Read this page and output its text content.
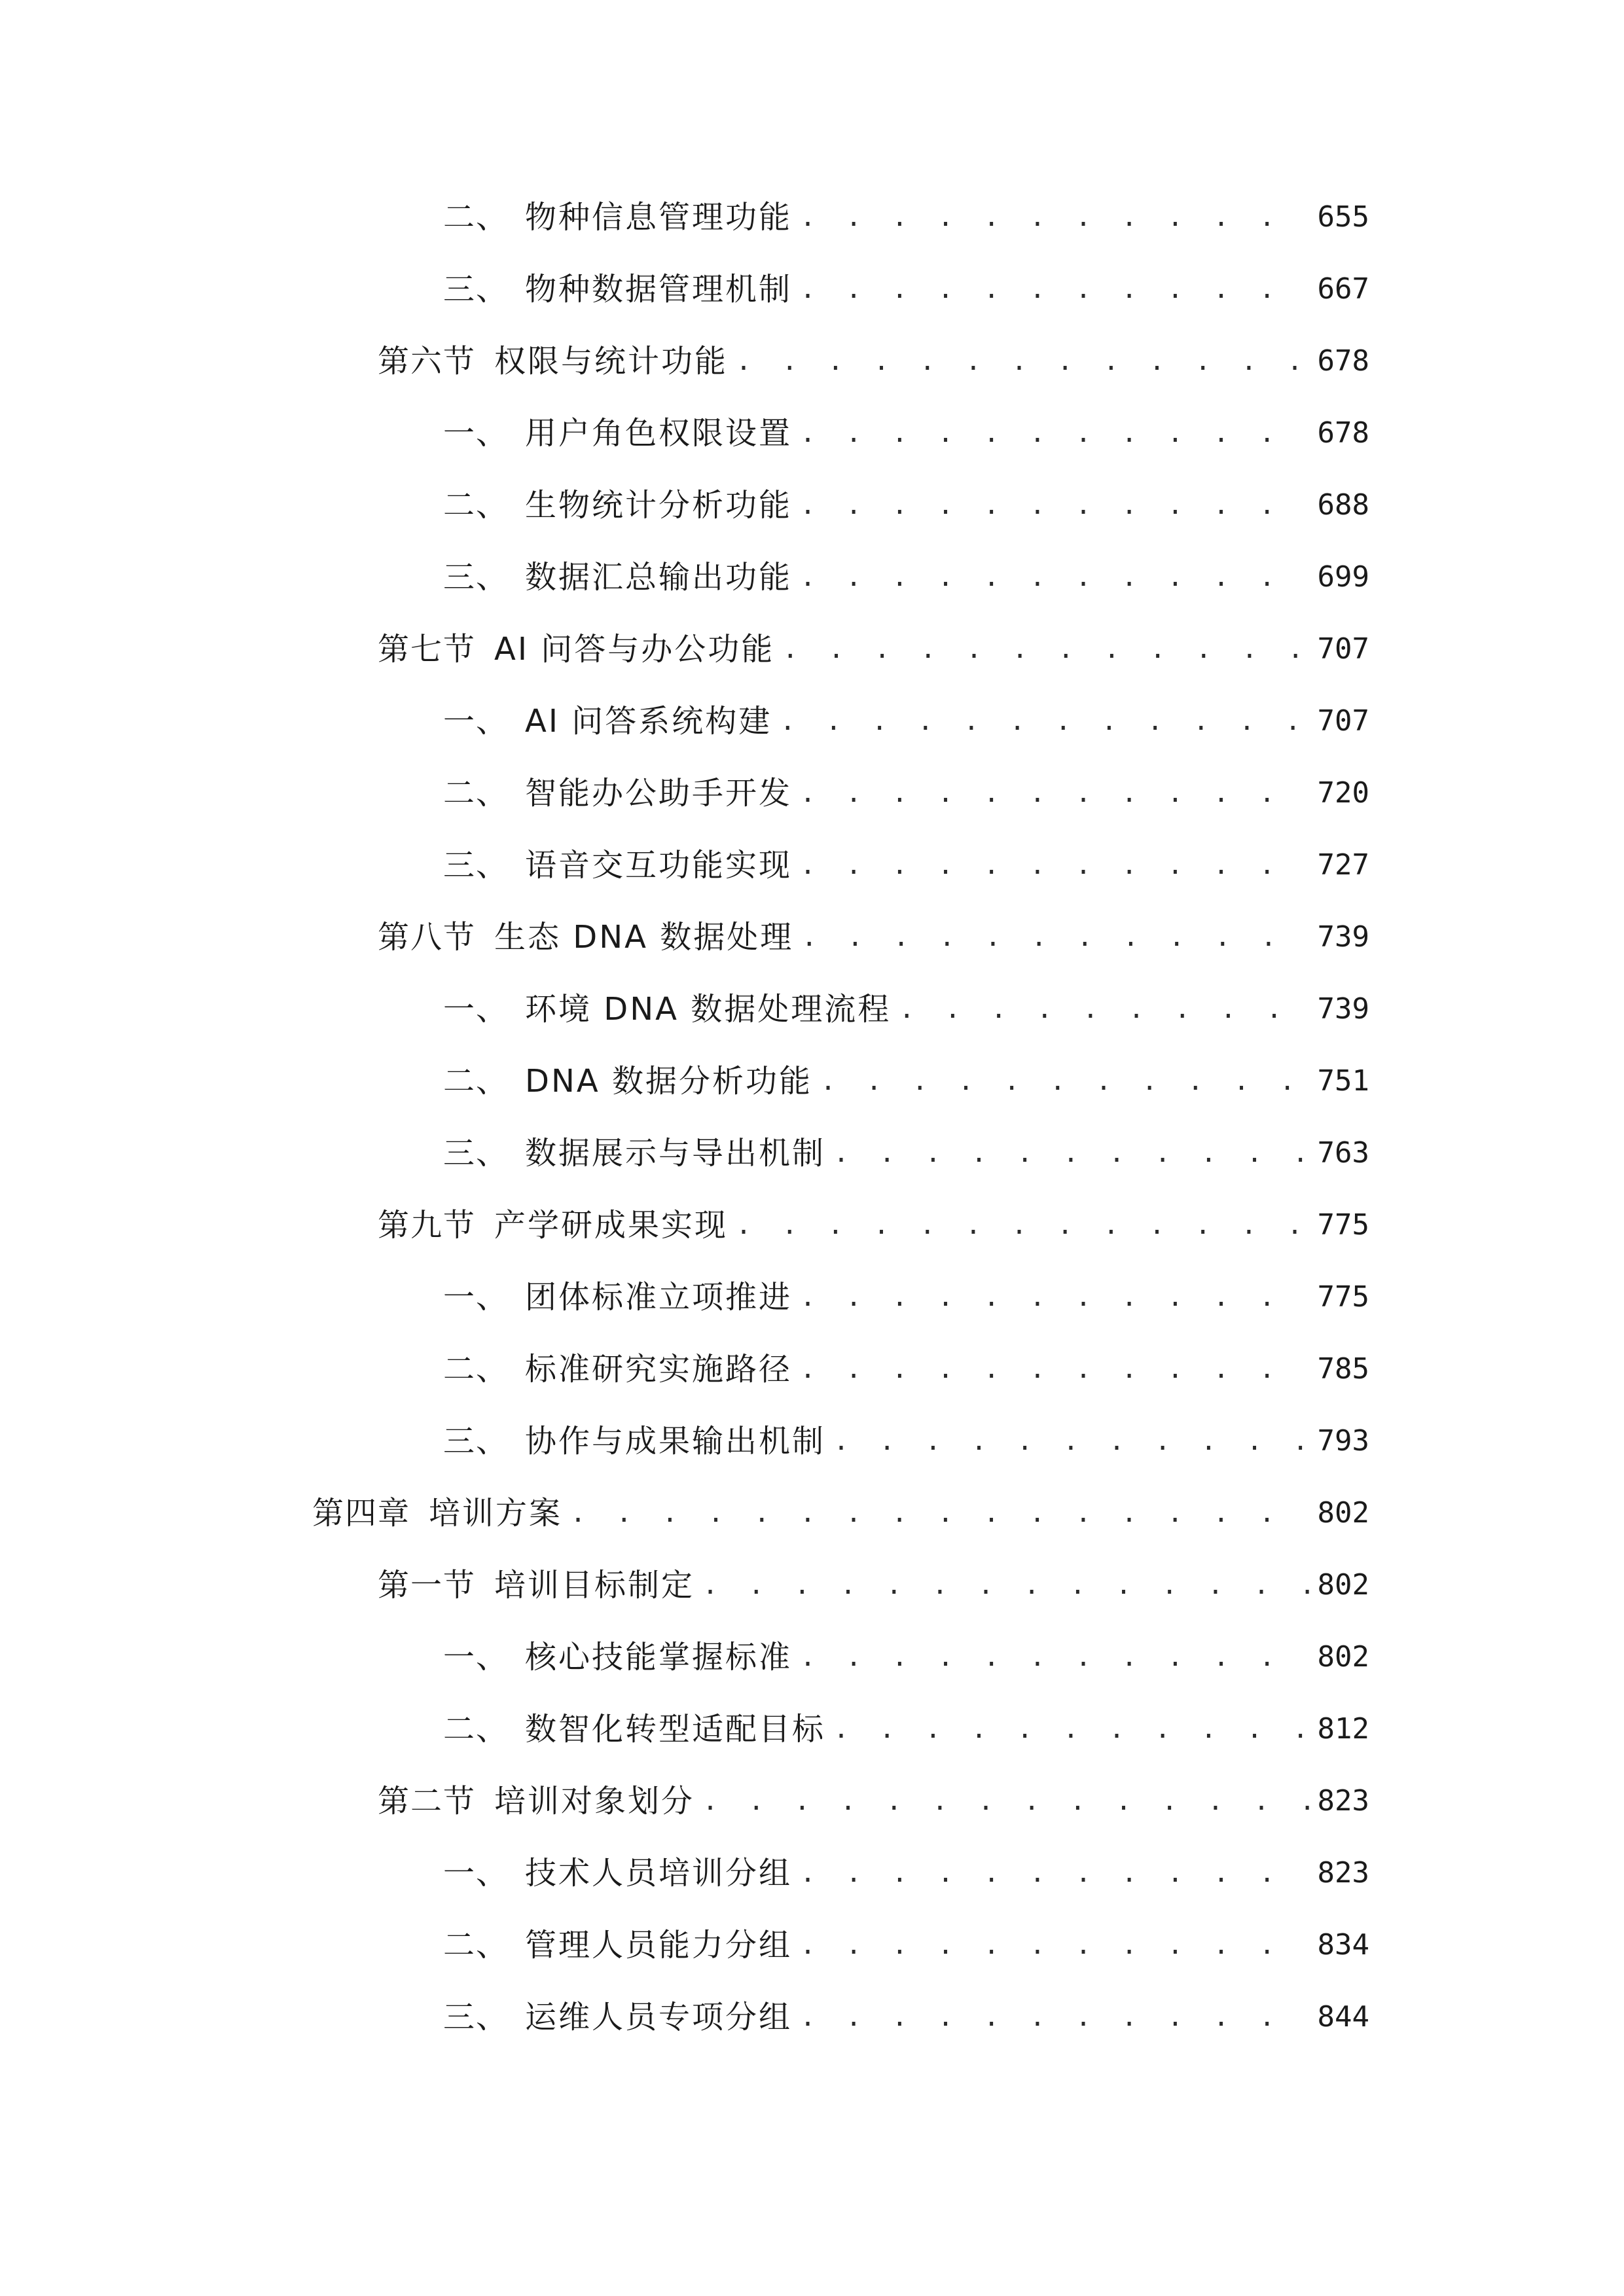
二、 物种信息管理功能 . . .	655
三、 物种数据管理机制 . . .	667
第六节 权限与统计功能 . . .	678
一、 用户角色权限设置 . . .	678
二、 生物统计分析功能 . . .	688
三、 数据汇总输出功能 . . .	699
第七节 AI 问答与办公功能 . . .	707
一、 AI 问答系统构建 . . .	707
二、 智能办公助手开发 . . .	720
三、 语音交互功能实现 . . .	727
第八节 生态 DNA 数据处理 . . .	739
一、 环境 DNA 数据处理流程 . . .	739
二、 DNA 数据分析功能 . . .	751
三、 数据展示与导出机制 . . .	763
第九节 产学研成果实现 . . .	775
一、 团体标准立项推进 . . .	775
二、 标准研究实施路径 . . .	785
三、 协作与成果输出机制 . . .	793
第四章 培训方案 . . .	802
第一节 培训目标制定 . . .	802
一、 核心技能掌握标准 . . .	802
二、 数智化转型适配目标 . . .	812
第二节 培训对象划分 . . .	823
一、 技术人员培训分组 . . .	823
二、 管理人员能力分组 . . .	834
三、 运维人员专项分组 . . .	844
